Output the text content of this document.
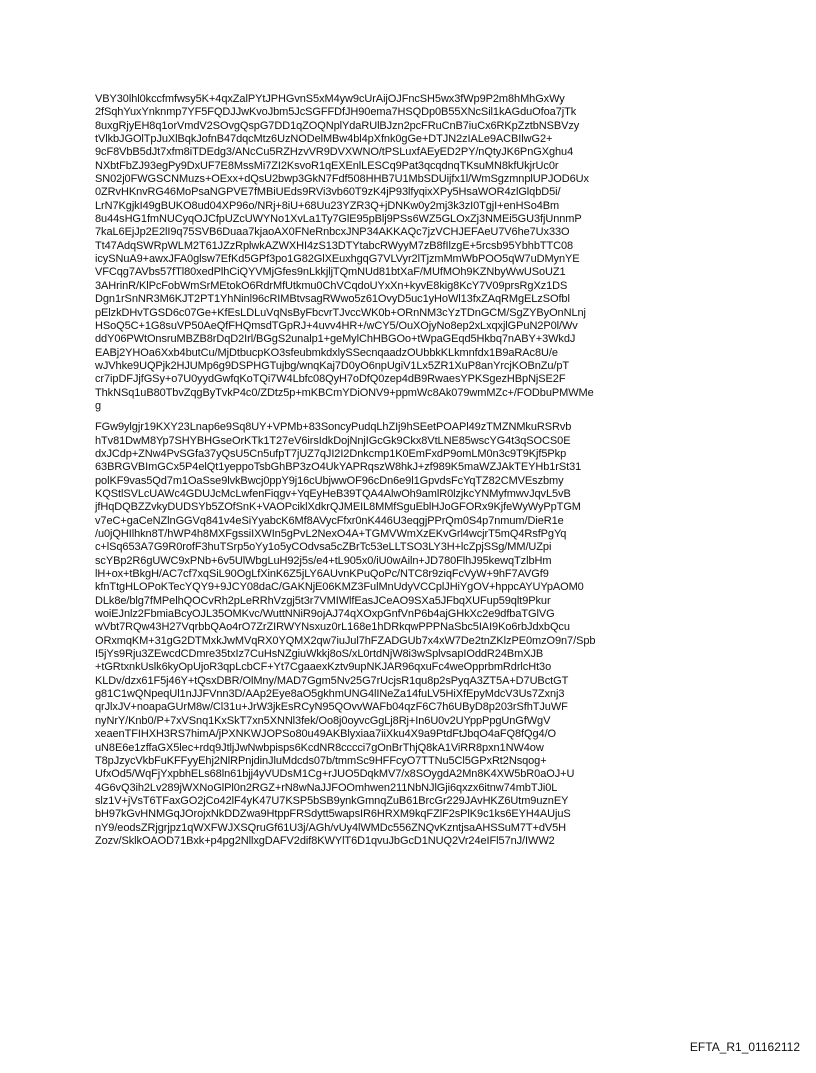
VBY30lhl0kccfmfwsy5K+4qxZalPYtJPHGvnS5xM4yw9cUrAijOJFncSH5wx3fWp9P2m8hMhGxWy
2fSqhYuxYnknmp7YF5FQDJJwKvoJbm5JcSGFFDfJH90ema7HSQDp0B55XNcSil1kAGduOfoa7jTk
8uxgRjyEH8q1orVmdV2SOvgQspG7DD1qZOQNplYdaRUlBJzn2pcFRuCnB7iuCx6RKpZztbNSBVzy
tVlkbJGOlTpJuXlBqkJofnB47dqcMtz6UzNODelMBw4bl4pXfnk0gGe+DTJN2zIALe9ACBIlwG2+
9cF8VbB5dJt7xfm8iTDEdg3/ANcCu5RZHzvVR9DVXWNO/tPSLuxfAEyED2PY/nQtyJK6PnGXghu4
NXbtFbZJ93egPy9DxUF7E8MssMi7ZI2KsvoR1qEXEnlLESCq9Pat3qcqdnqTKsuMN8kfUkjrUc0r
SN02j0FWGSCNMuzs+OExx+dQsU2bwp3GkN7Fdf508HHB7U1MbSDUijfx1l/WmSgzmnplUPJOD6Ux
0ZRvHKnvRG46MoPsaNGPVE7fMBiUEds9RVi3vb60T9zK4jP93lfyqixXPy5HsaWOR4zlGlqbD5i/
LrN7KgjkI49gBUKO8ud04XP96o/NRj+8iU+68Uu23YZR3Q+jDNKw0y2mj3k3zI0TgjI+enHSo4Bm
8u44sHG1fmNUCyqOJCfpUZcUWYNo1XvLa1Ty7GlE95pBlj9PSs6WZ5GLOxZj3NMEi5GU3fjUnnmP
7kaL6EjJp2E2lI9q75SVB6Duaa7kjaoAX0FNeRnbcxJNP34AKKAQc7jzVCHJEFAeU7V6he7Ux33O
Tt47AdqSWRpWLM2T61JZzRplwkAZWXHI4zS13DTYtabcRWyyM7zB8fIlzgE+5rcsb95YbhbTTC08
icySNuA9+awxJFA0glsw7EfKd5GPf3po1G82GlXEuxhgqG7VLVyr2lTjzmMmWbPOO5qW7uDMynYE
VFCqg7AVbs57fTl80xedPlhCiQYVMjGfes9nLkkjljTQmNUd81btXaF/MUfMOh9KZNbyWwUSoUZ1
3AHrinR/KlPcFobWmSrMEtokO6RdrMfUtkmu0ChVCqdoUYxXn+kyvE8kig8KcY7V09prsRgXz1DS
Dgn1rSnNR3M6KJT2PT1YhNinl96cRIMBtvsagRWwo5z61OvyD5uc1yHoWl13fxZAqRMgELzSOfbl
pElzkDHvTGSD6c07Ge+KfEsLDLuVqNsByFbcvrTJvccWK0b+ORnNM3cYzTDnGCM/SgZYByOnNLnj
HSoQ5C+1G8suVP50AeQfFHQmsdTGpRJ+4uvv4HR+/wCY5/OuXOjyNo8ep2xLxqxjlGPuN2P0l/Wv
ddY06PWtOnsruMBZB8rDqD2Irl/BGgS2unalp1+geMylChHBGOo+tWpaGEqd5Hkbq7nABY+3WkdJ
EABj2YHOa6Xxb4butCu/MjDtbucpKO3sfeubmkdxlySSecnqaadzOUbbkKLkmnfdx1B9aRAc8U/e
wJVhke9UQPjk2HJUMp6g9DSPHGTujbg/wnqKaj7D0yO6npUgiV1Lx5ZR1XuP8anYrcjKOBnZu/pT
cr7ipDFJjfGSy+o7U0yydGwfqKoTQi7W4Lbfc08QyH7oDfQ0zep4dB9RwaesYPKSgezHBpNjSE2F
ThkNSq1uB80TbvZqgByTvkP4c0/ZDtz5p+mKBCmYDiONV9+ppmWc8Ak079wmMZc+/FODbuPMWMe
g
FGw9ylgjr19KXY23Lnap6e9Sq8UY+VPMb+83SoncyPudqLhZIj9hSEetPOAPl49zTMZNMkuRSRvb
hTv81DwM8Yp7SHYBHGseOrKTk1T27eV6irsIdkDojNnjIGcGk9Ckx8VtLNE85wscYG4t3qSOCS0E
dxJCdp+ZNw4PvSGfa37yQsU5Cn5ufpT7jUZ7qJI2I2Dnkcmp1K0EmFxdP9omLM0n3c9T9Kjf5Pkp
63BRGVBImGCx5P4elQt1yeppoTsbGhBP3zO4UkYAPRqszW8hkJ+zf989K5maWZJAkTEYHb1rSt31
polKF9vas5Qd7m1OaSse9lvkBwcj0ppY9j16cUbjwwOF96cDn6e9l1GpvdsFcYqTZ82CMVEszbmy
KQStlSVLcUAWc4GDUJcMcLwfenFiqgv+YqEyHeB39TQA4AlwOh9amlR0lzjkcYNMyfmwvJqvL5vB
jfHqDQBZZvkyDUDSYb5ZOfSnK+VAOPciklXdkrQJMEIL8MMfSguEblHJoGFORx9KjfeWyWyPpTGM
v7eC+gaCeNZlnGGVq841v4eSiYyabcK6Mf8AVycFfxr0nK446U3eqgjPPrQm0S4p7nmum/DieR1e
/u0jQHIlhkn8T/hWP4h8MXFgssiIXWIn5gPvL2NexO4A+TGMVWmXzEKvGrl4wcjrT5mQ4RsfPgYq
c+lSq653A7G9R0rofF3huTSrp5oYy1o5yCOdvsa5cZBrTc53eLLTSO3LY3H+lcZpjSSg/MM/UZpi
scYBp2R6gUWC9xPNb+6v5UlWbgLuH92j5s/e4+tL905x0/iU0wAiln+JD780FlhJ95kewqTzlbHm
lH+ox+tBkgH/AC7cf7xqSiL90OgLfXinK6Z5jLY6AUvnKPuQoPc/NTC8r9ziqFcVyW+9hF7AVGf9
kfnTtgHLOPoKTecYQY9+9JCY08daC/GAKNjE06KMZ3FulMnUdyVCCplJHiYgOV+hppcAYUYpAOM0
DLk8e/blg7fMPelhQOCvRh2pLeRRhVzgj5t3r7VMIWlfEasJCeAO9SXa5JFbqXUFup59qlt9Pkur
woiEJnlz2FbmiaBcyOJL35OMKvc/WuttNNiR9ojAJ74qXOxpGnfVnP6b4ajGHkXc2e9dfbaTGlVG
wVbt7RQw43H27VqrbbQAo4rO7ZrZIRWYNsxuz0rL168e1hDRkqwPPPNaSbc5IAI9Ko6rbJdxbQcu
ORxmqKM+31gG2DTMxkJwMVqRX0YQMX2qw7iuJul7hFZADGUb7x4xW7De2tnZKlzPE0mzO9n7/Spb
I5jYs9Rju3ZEwcdCDmre35txIz7CuHsNZgiuWkkj8oS/xL0rtdNjW8i3wSplvsapIOddR24BmXJB
+tGRtxnkUslk6kyOpUjoR3qpLcbCF+Yt7CgaaexKztv9upNKJAR96qxuFc4weOpprbmRdrlcHt3o
KLDv/dzx61F5j46Y+tQsxDBR/OlMny/MAD7Ggm5Nv25G7rUcjsR1qu8p2sPyqA3ZT5A+D7UBctGT
g81C1wQNpeqUl1nJJFVnn3D/AAp2Eye8aO5gkhmUNG4lINeZa14fuLV5HiXfEpyMdcV3Us7Zxnj3
qrJlxJV+noapaGUrM8w/Cl31u+JrW3jkEsRCyN95QOvvWAFb04qzF6C7h6UByD8p203rSfhTJuWF
nyNrY/Knb0/P+7xVSnq1KxSkT7xn5XNNl3fek/Oo8j0oyvcGgLj8Rj+In6U0v2UYppPpgUnGfWgV
xeaenTFIHXH3RS7himA/jPXNKWJOPSo80u49AKBlyxiaa7iiXku4X9a9PtdFtJbqO4aFQ8fQg4/O
uN8E6e1zffaGX5lec+rdq9JtljJwNwbpisps6KcdNR8cccci7gOnBrThjQ8kA1ViRR8pxn1NW4ow
T8pJzycVkbFuKFFyyEhj2NlRPnjdinJluMdcds07b/tmmSc9HFFcyO7TTNu5Cl5GPxRt2Nsqog+
UfxOd5/WqFjYxpbhELs68ln61bjj4yVUDsM1Cg+rJUO5DqkMV7/x8SOygdA2Mn8K4XW5bR0aOJ+U
4G6vQ3ih2Lv289jWXNoGlPl0n2RGZ+rN8wNaJJFOOmhwen211NbNJlGji6qxzx6itnw74mbTJi0L
slz1V+jVsT6TFaxGO2jCo42lF4yK47U7KSP5bSB9ynkGmnqZuB61BrcGr229JAvHKZ6Utm9uznEY
bH97kGvHNMGqJOrojxNkDDZwa9HtppFRSdytt5wapsIR6HRXM9kqFZlF2sPlK9c1ks6EYH4AUjuS
nY9/eodsZRjgrjpz1qWXFWJXSQruGf61U3j/AGh/vUy4lWMDc556ZNQvKzntjsaAHSSuM7T+dV5H
Zozv/SklkOAOD71Bxk+p4pg2NllxgDAFV2dif8KWYlT6D1qvuJbGcD1NUQ2Vr24eIFl57nJ/IWW2
EFTA_R1_01162112
